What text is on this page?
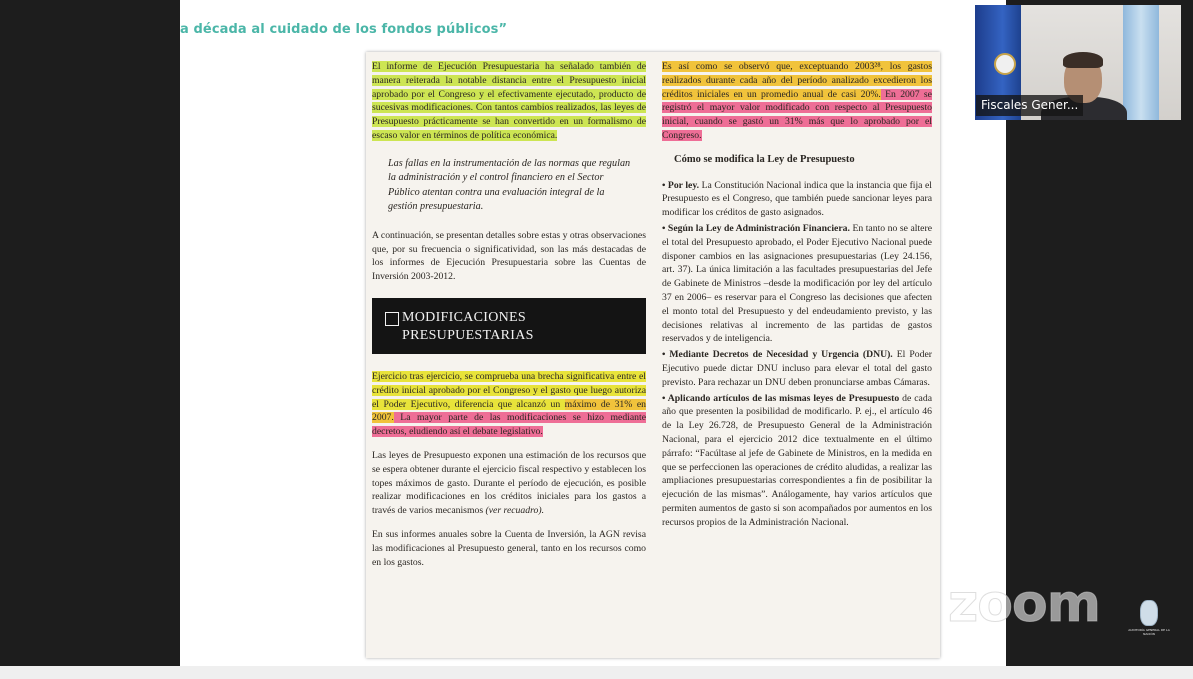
a década al cuidado de los fondos públicos”

El informe de Ejecución Presupuestaria ha señalado también de manera reiterada la notable distancia entre el Presupuesto inicial aprobado por el Congreso y el efectivamente ejecutado, producto de sucesivas modificaciones. Con tantos cambios realizados, las leyes de Presupuesto prácticamente se han convertido en un formalismo de escaso valor en términos de política económica.

Las fallas en la instrumentación de las normas que regulan la administración y el control financiero en el Sector Público atentan contra una evaluación integral de la gestión presupuestaria.

A continuación, se presentan detalles sobre estas y otras observaciones que, por su frecuencia o significatividad, son las más destacadas de los informes de Ejecución Presupuestaria sobre las Cuentas de Inversión 2003-2012.

MODIFICACIONES
PRESUPUESTARIAS

Ejercicio tras ejercicio, se comprueba una brecha significativa entre el crédito inicial aprobado por el Congreso y el gasto que luego autoriza el Poder Ejecutivo, diferencia que alcanzó un máximo de 31% en 2007. La mayor parte de las modificaciones se hizo mediante decretos, eludiendo así el debate legislativo.

Las leyes de Presupuesto exponen una estimación de los recursos que se espera obtener durante el ejercicio fiscal respectivo y establecen los topes máximos de gasto. Durante el período de ejecución, es posible realizar modificaciones en los créditos iniciales para los gastos a través de varios mecanismos (ver recuadro).

En sus informes anuales sobre la Cuenta de Inversión, la AGN revisa las modificaciones al Presupuesto general, tanto en los recursos como en los gastos.

Es así como se observó que, exceptuando 2003²⁸, los gastos realizados durante cada año del período analizado excedieron los créditos iniciales en un promedio anual de casi 20%. En 2007 se registró el mayor valor modificado con respecto al Presupuesto inicial, cuando se gastó un 31% más que lo aprobado por el Congreso.

Cómo se modifica la Ley de Presupuesto

• Por ley. La Constitución Nacional indica que la instancia que fija el Presupuesto es el Congreso, que también puede sancionar leyes para modificar los créditos de gasto asignados.

• Según la Ley de Administración Financiera. En tanto no se altere el total del Presupuesto aprobado, el Poder Ejecutivo Nacional puede disponer cambios en las asignaciones presupuestarias (Ley 24.156, art. 37). La única limitación a las facultades presupuestarias del Jefe de Gabinete de Ministros –desde la modificación por ley del artículo 37 en 2006– es reservar para el Congreso las decisiones que afecten el monto total del Presupuesto y del endeudamiento previsto, y las decisiones relativas al incremento de las partidas de gastos reservados y de inteligencia.

• Mediante Decretos de Necesidad y Urgencia (DNU). El Poder Ejecutivo puede dictar DNU incluso para elevar el total del gasto previsto. Para rechazar un DNU deben pronunciarse ambas Cámaras.

• Aplicando artículos de las mismas leyes de Presupuesto de cada año que presenten la posibilidad de modificarlo. P. ej., el artículo 46 de la Ley 26.728, de Presupuesto General de la Administración Nacional, para el ejercicio 2012 dice textualmente en el último párrafo: “Facúltase al jefe de Gabinete de Ministros, en la medida en que se perfeccionen las operaciones de crédito aludidas, a realizar las ampliaciones presupuestarias correspondientes a fin de posibilitar la ejecución de las mismas”. Análogamente, hay varios artículos que permiten aumentos de gasto si son acompañados por aumentos en los recursos propios de la Administración Nacional.

Fiscales Gener...
zoom	AUDITORÍA GENERAL DE LA NACIÓN
